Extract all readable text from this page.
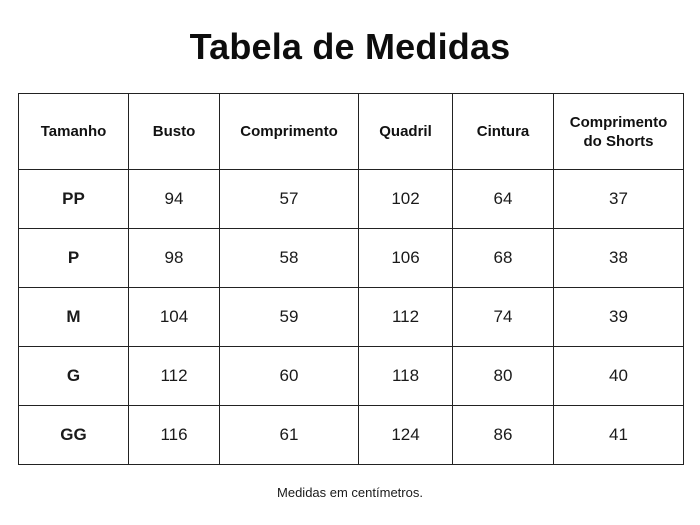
Tabela de Medidas
Tamanho	Busto	Comprimento	Quadril	Cintura	Comprimento
do Shorts

PP	94	57	102	64	37
P	98	58	106	68	38
M	104	59	112	74	39
G	112	60	118	80	40
GG	116	61	124	86	41
Medidas em centímetros.
